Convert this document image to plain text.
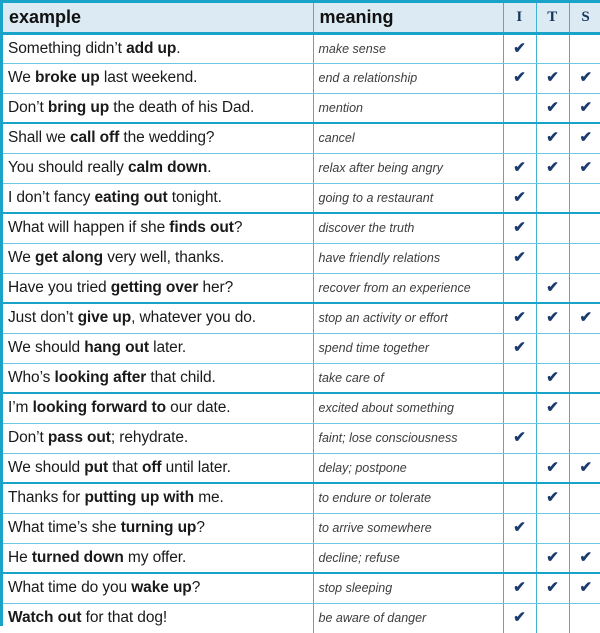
example	meaning	I	T	S
Something didn’t add up.	make sense	✔		
We broke up last weekend.	end a relationship	✔	✔	✔
Don’t bring up the death of his Dad.	mention		✔	✔
Shall we call off the wedding?	cancel		✔	✔
You should really calm down.	relax after being angry	✔	✔	✔
I don’t fancy eating out tonight.	going to a restaurant	✔		
What will happen if she finds out?	discover the truth	✔		
We get along very well, thanks.	have friendly relations	✔		
Have you tried getting over her?	recover from an experience		✔	
Just don’t give up, whatever you do.	stop an activity or effort	✔	✔	✔
We should hang out later.	spend time together	✔		
Who’s looking after that child.	take care of		✔	
I’m looking forward to our date.	excited about something		✔	
Don’t pass out; rehydrate.	faint; lose consciousness	✔		
We should put that off until later.	delay; postpone		✔	✔
Thanks for putting up with me.	to endure or tolerate		✔	
What time’s she turning up?	to arrive somewhere	✔		
He turned down my offer.	decline; refuse		✔	✔
What time do you wake up?	stop sleeping	✔	✔	✔
Watch out for that dog!	be aware of danger	✔		
